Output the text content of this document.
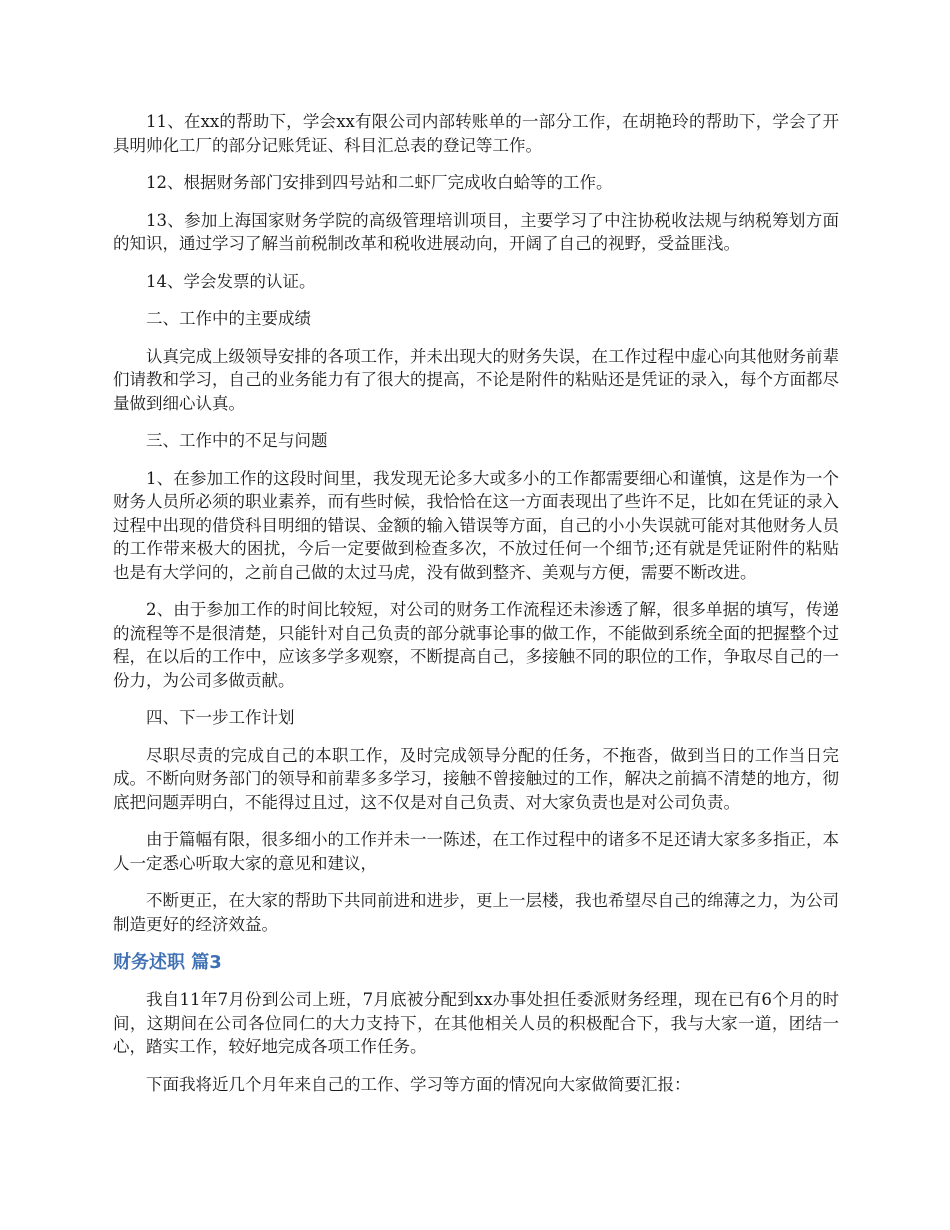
11、在xx的帮助下，学会xx有限公司内部转账单的一部分工作，在胡艳玲的帮助下，学会了开具明帅化工厂的部分记账凭证、科目汇总表的登记等工作。

12、根据财务部门安排到四号站和二虾厂完成收白蛤等的工作。

13、参加上海国家财务学院的高级管理培训项目，主要学习了中注协税收法规与纳税筹划方面的知识，通过学习了解当前税制改革和税收进展动向，开阔了自己的视野，受益匪浅。

14、学会发票的认证。

二、工作中的主要成绩

认真完成上级领导安排的各项工作，并未出现大的财务失误，在工作过程中虚心向其他财务前辈们请教和学习，自己的业务能力有了很大的提高，不论是附件的粘贴还是凭证的录入，每个方面都尽量做到细心认真。

三、工作中的不足与问题

1、在参加工作的这段时间里，我发现无论多大或多小的工作都需要细心和谨慎，这是作为一个财务人员所必须的职业素养，而有些时候，我恰恰在这一方面表现出了些许不足，比如在凭证的录入过程中出现的借贷科目明细的错误、金额的输入错误等方面，自己的小小失误就可能对其他财务人员的工作带来极大的困扰，今后一定要做到检查多次，不放过任何一个细节;还有就是凭证附件的粘贴也是有大学问的，之前自己做的太过马虎，没有做到整齐、美观与方便，需要不断改进。

2、由于参加工作的时间比较短，对公司的财务工作流程还未渗透了解，很多单据的填写，传递的流程等不是很清楚，只能针对自己负责的部分就事论事的做工作，不能做到系统全面的把握整个过程，在以后的工作中，应该多学多观察，不断提高自己，多接触不同的职位的工作，争取尽自己的一份力，为公司多做贡献。

四、下一步工作计划

尽职尽责的完成自己的本职工作，及时完成领导分配的任务，不拖沓，做到当日的工作当日完成。不断向财务部门的领导和前辈多多学习，接触不曾接触过的工作，解决之前搞不清楚的地方，彻底把问题弄明白，不能得过且过，这不仅是对自己负责、对大家负责也是对公司负责。

由于篇幅有限，很多细小的工作并未一一陈述，在工作过程中的诸多不足还请大家多多指正，本人一定悉心听取大家的意见和建议，

不断更正，在大家的帮助下共同前进和进步，更上一层楼，我也希望尽自己的绵薄之力，为公司制造更好的经济效益。

财务述职 篇3

我自11年7月份到公司上班，7月底被分配到xx办事处担任委派财务经理，现在已有6个月的时间，这期间在公司各位同仁的大力支持下，在其他相关人员的积极配合下，我与大家一道，团结一心，踏实工作，较好地完成各项工作任务。

下面我将近几个月年来自己的工作、学习等方面的情况向大家做简要汇报：
